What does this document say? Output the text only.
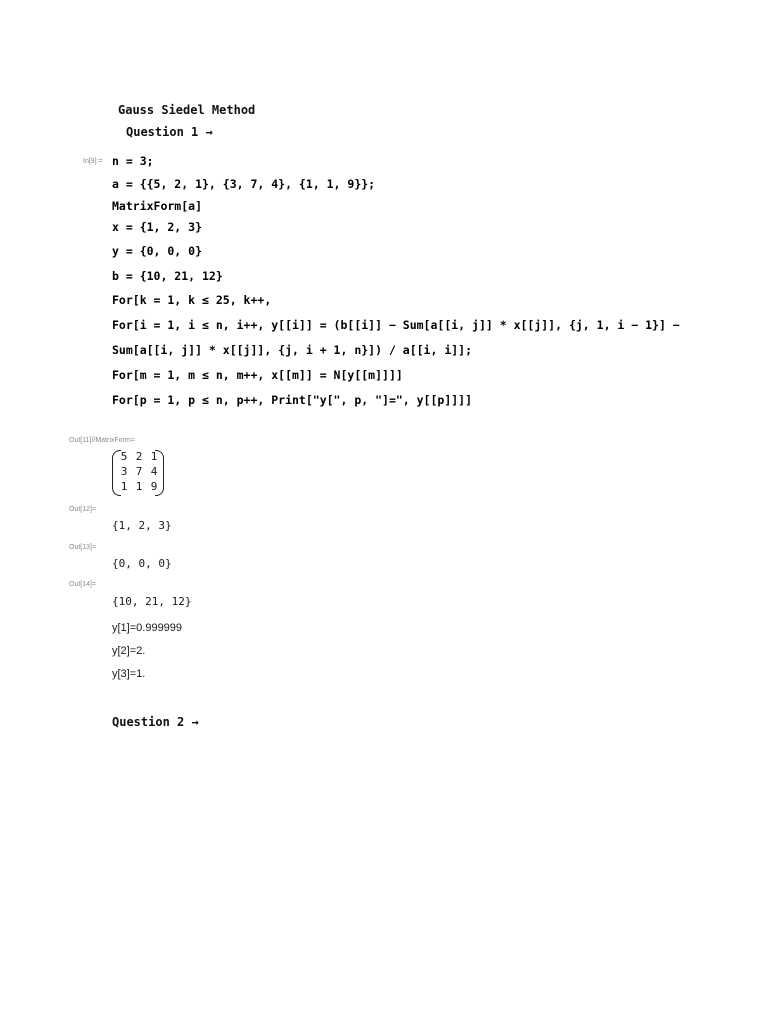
Gauss Siedel Method
Question 1 →
In[9]:= n = 3;
a = {{5, 2, 1}, {3, 7, 4}, {1, 1, 9}};
MatrixForm[a]
x = {1, 2, 3}
y = {0, 0, 0}
b = {10, 21, 12}
For[k = 1, k ≤ 25, k++,
For[i = 1, i ≤ n, i++, y[[i]] = (b[[i]] − Sum[a[[i, j]] * x[[j]], {j, 1, i − 1}] −
Sum[a[[i, j]] * x[[j]], {j, i + 1, n}]) / a[[i, i]];
For[m = 1, m ≤ n, m++, x[[m]] = N[y[[m]]]]
For[p = 1, p ≤ n, p++, Print["y[", p, "]=", y[[p]]]]
Out[11]//MatrixForm=
5 2 1
3 7 4
1 1 9
Out[12]=
{1, 2, 3}
Out[13]=
{0, 0, 0}
Out[14]=
{10, 21, 12}
y[1]=0.999999
y[2]=2.
y[3]=1.
Question 2 →
